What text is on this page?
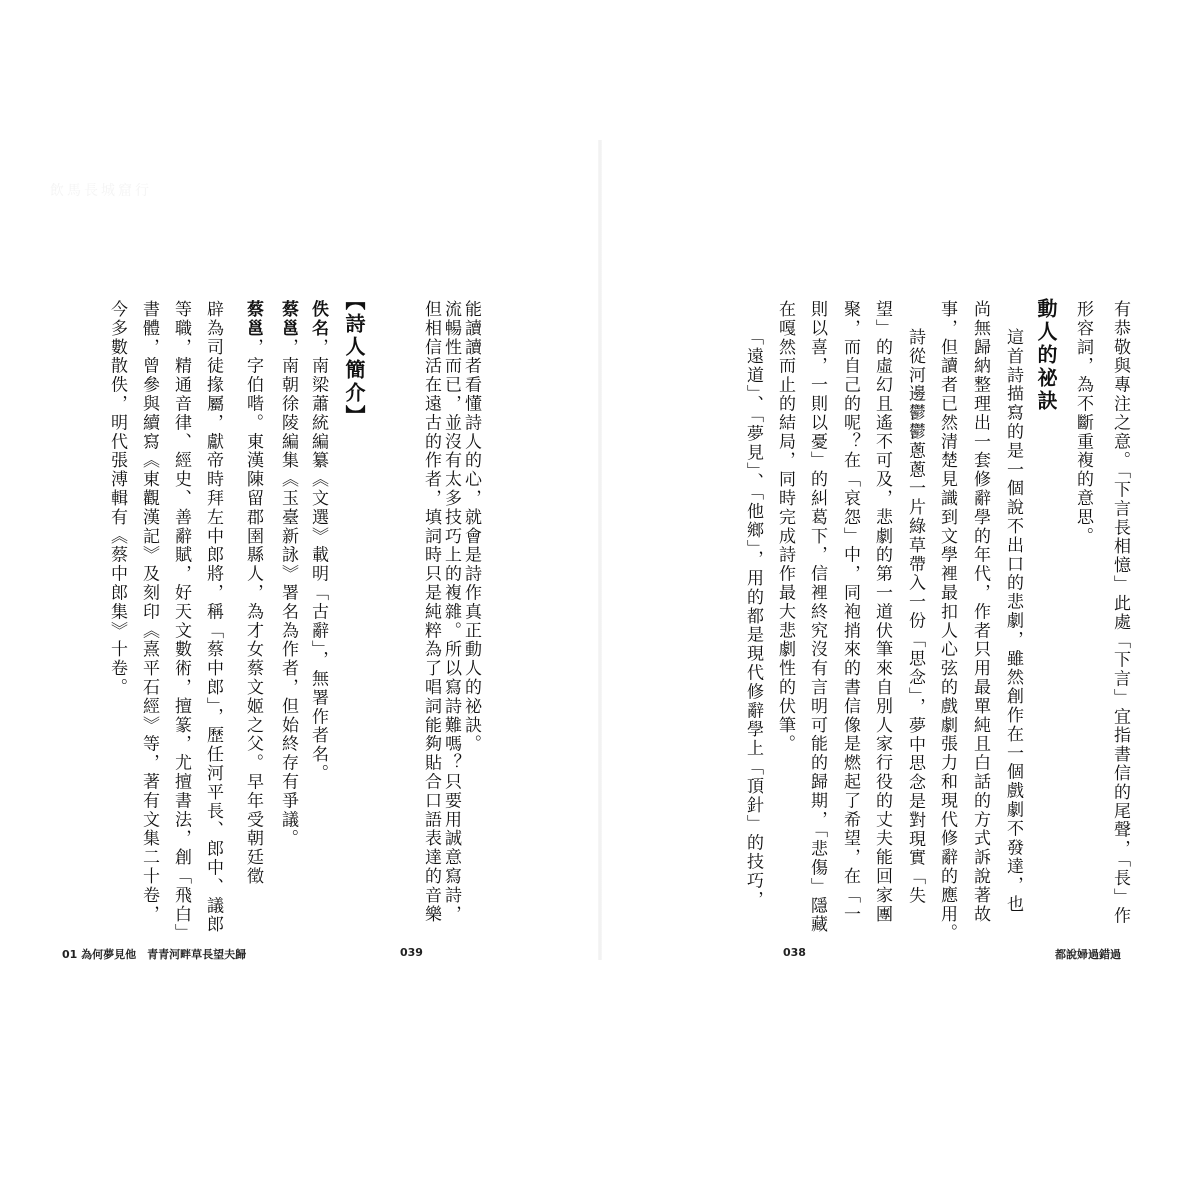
飲馬長城窟行
但相信活在遠古的作者，填詞時只是純粹為了唱詞能夠貼合口語表達的音樂 流暢性而已，並沒有太多技巧上的複雜。所以寫詩難嗎？只要用誠意寫詩， 能讀讀者看懂詩人的心，就會是詩作真正動人的祕訣。
【詩人簡介】
佚名，南梁蕭統編纂《文選》載明「古辭」，無署作者名。
蔡邕，南朝徐陵編集《玉臺新詠》署名為作者，但始終存有爭議。
蔡邕，字伯喈。東漢陳留郡圉縣人，為才女蔡文姬之父。早年受朝廷徵
辟為司徒掾屬，獻帝時拜左中郎將，稱「蔡中郎」，歷任河平長、郎中、議郎
等職，精通音律、經史、善辭賦，好天文數術，擅篆，尤擅書法，創「飛白」
書體，曾參與續寫《東觀漢記》及刻印《熹平石經》等，著有文集二十卷，
今多數散佚，明代張溥輯有《蔡中郎集》十卷。
01 為何夢見他　青青河畔草長望夫歸	039
有恭敬與專注之意。「下言長相憶」此處「下言」宜指書信的尾聲，「長」作
形容詞，為不斷重複的意思。
動人的祕訣
這首詩描寫的是一個說不出口的悲劇，雖然創作在一個戲劇不發達，也
尚無歸納整理出一套修辭學的年代，作者只用最單純且白話的方式訴說著故
事，但讀者已然清楚見識到文學裡最扣人心弦的戲劇張力和現代修辭的應用。
詩從河邊鬱鬱蔥蔥一片綠草帶入一份「思念」，夢中思念是對現實「失
望」的虛幻且遙不可及，悲劇的第一道伏筆來自別人家行役的丈夫能回家團
聚，而自己的呢？在「哀怨」中，同袍捎來的書信像是燃起了希望，在「一
則以喜，一則以憂」的糾葛下，信裡終究沒有言明可能的歸期，「悲傷」隱藏
在嘎然而止的結局，同時完成詩作最大悲劇性的伏筆。
「遠道」、「夢見」、「他鄉」，用的都是現代修辭學上「頂針」的技巧，
038	都說婦過錯過
